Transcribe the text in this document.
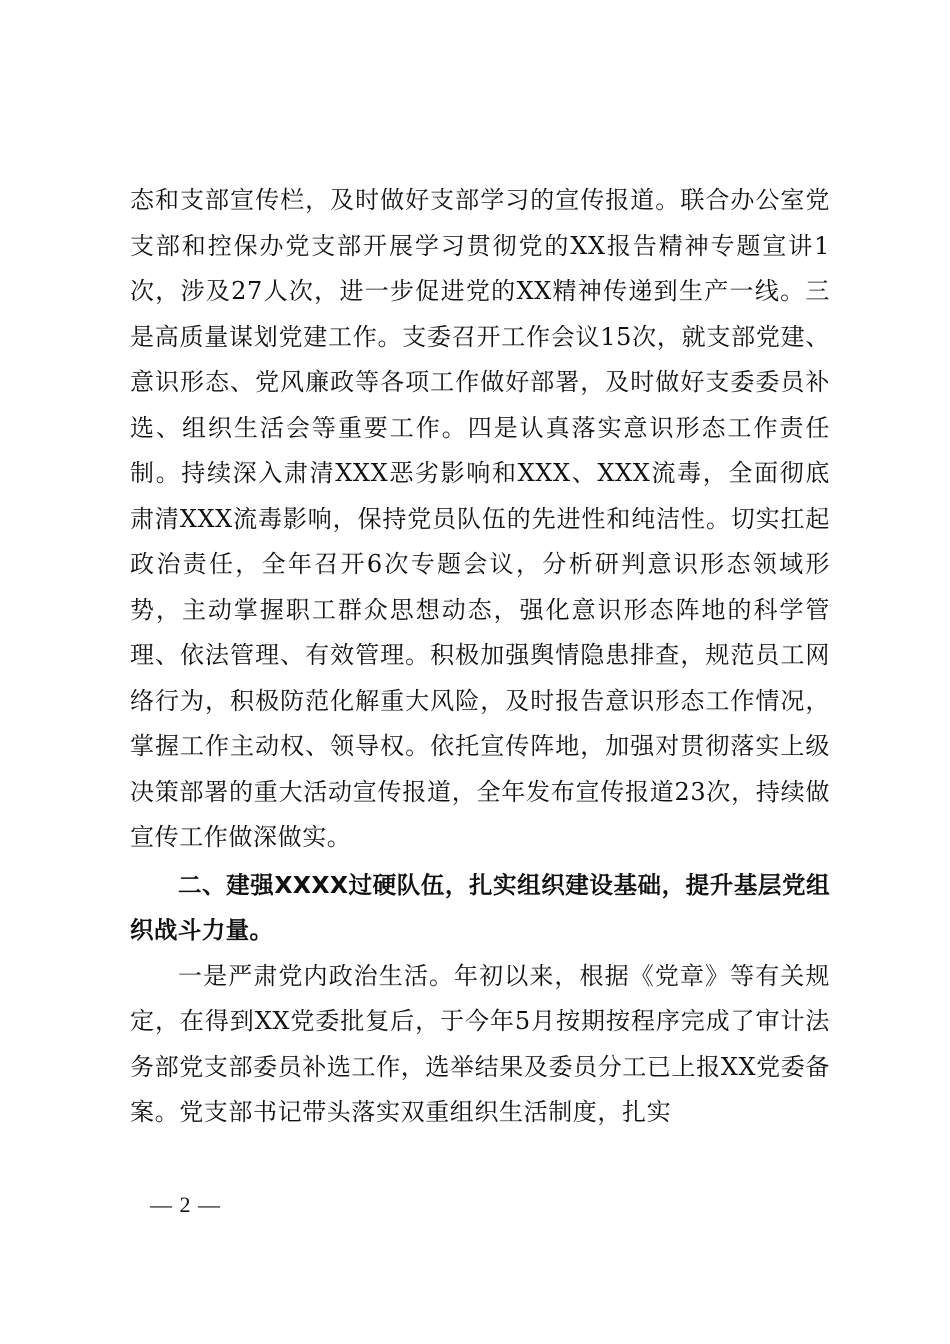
态和支部宣传栏，及时做好支部学习的宣传报道。联合办公室党支部和控保办党支部开展学习贯彻党的XX报告精神专题宣讲1次，涉及27人次，进一步促进党的XX精神传递到生产一线。三是高质量谋划党建工作。支委召开工作会议15次，就支部党建、意识形态、党风廉政等各项工作做好部署，及时做好支委委员补选、组织生活会等重要工作。四是认真落实意识形态工作责任制。持续深入肃清XXX恶劣影响和XXX、XXX流毒，全面彻底肃清XXX流毒影响，保持党员队伍的先进性和纯洁性。切实扛起政治责任，全年召开6次专题会议，分析研判意识形态领域形势，主动掌握职工群众思想动态，强化意识形态阵地的科学管理、依法管理、有效管理。积极加强舆情隐患排查，规范员工网络行为，积极防范化解重大风险，及时报告意识形态工作情况，掌握工作主动权、领导权。依托宣传阵地，加强对贯彻落实上级决策部署的重大活动宣传报道，全年发布宣传报道23次，持续做宣传工作做深做实。

二、建强XXXX过硬队伍，扎实组织建设基础，提升基层党组织战斗力量。

一是严肃党内政治生活。年初以来，根据《党章》等有关规定，在得到XX党委批复后，于今年5月按期按程序完成了审计法务部党支部委员补选工作，选举结果及委员分工已上报XX党委备案。党支部书记带头落实双重组织生活制度，扎实

— 2 —
